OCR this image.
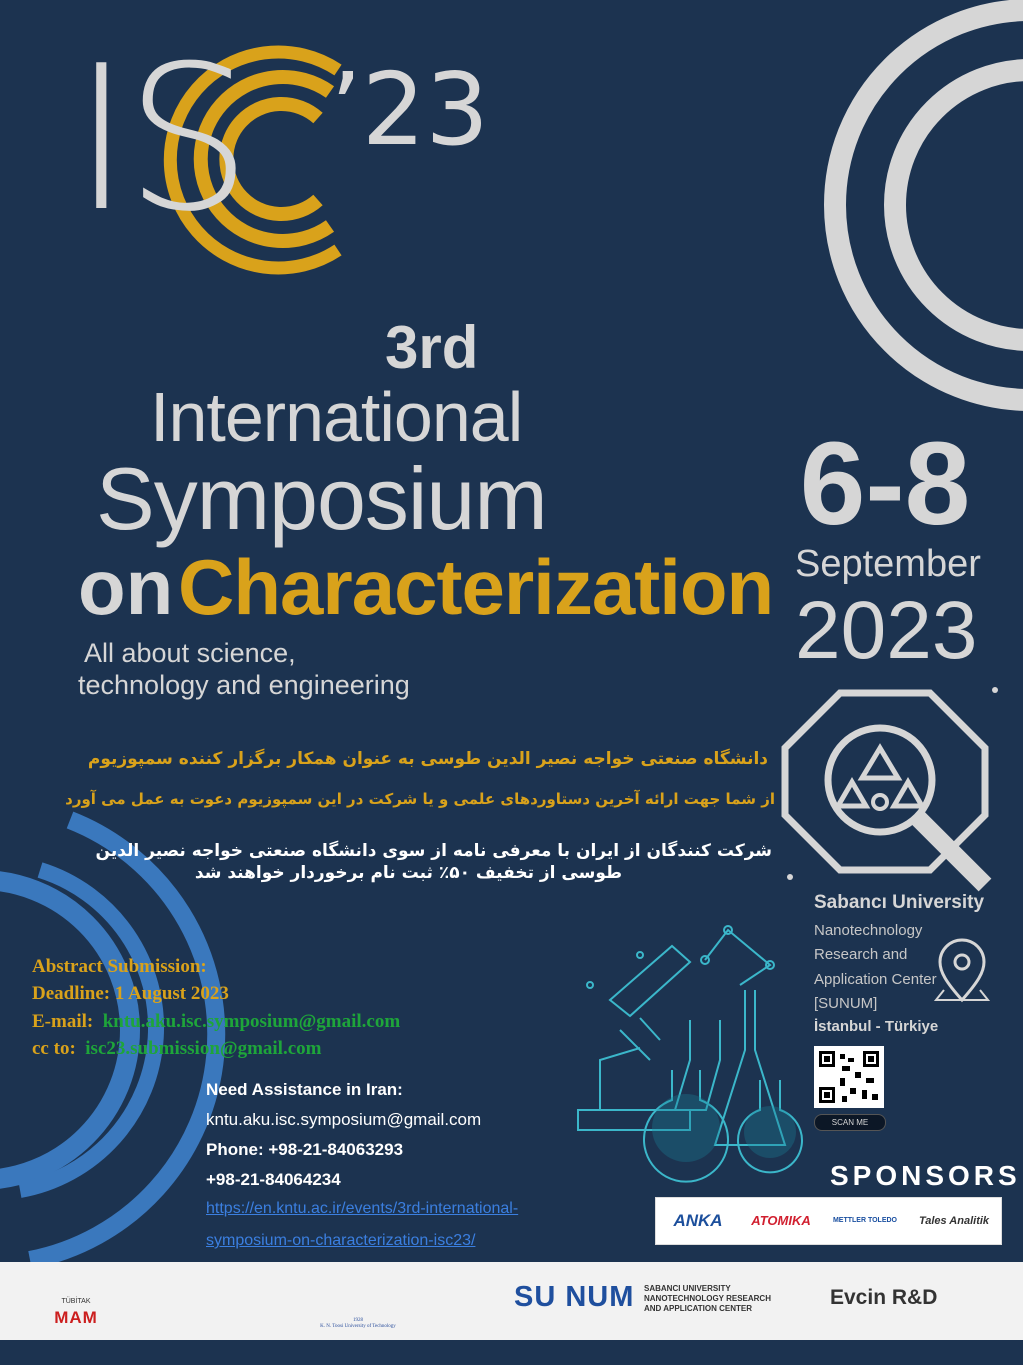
IS ’23
3rd
International
Symposium
on Characterization
All about science,
technology and engineering
6-8
September
2023
دانشگاه صنعتی خواجه نصیر الدین طوسی به عنوان همکار برگزار کننده سمپوزیوم
از شما جهت ارائه آخرین دستاوردهای علمی و یا شرکت در این سمپوزیوم دعوت به عمل می آورد
شرکت کنندگان از ایران با معرفی نامه از سوی دانشگاه صنعتی خواجه نصیر الدین
طوسی از تخفیف ۵۰٪ ثبت نام برخوردار خواهند شد
Sabancı University
Nanotechnology
Research and
Application Center
[SUNUM]
İstanbul - Türkiye
SCAN ME
Abstract Submission:
Deadline: 1 August 2023
E-mail: kntu.aku.isc.symposium@gmail.com
cc to: isc23.submission@gmail.com
Need Assistance in Iran:
kntu.aku.isc.symposium@gmail.com
Phone: +98-21-84063293
+98-21-84064234
https://en.kntu.ac.ir/events/3rd-international-
symposium-on-characterization-isc23/
SPONSORS
ANKA	ATOMIKA	METTLER TOLEDO	Tales Analitik
TÜBİTAK
MAM	1928
K. N. Toosi University of Technology
SU NUM SABANCI UNIVERSITY
NANOTECHNOLOGY RESEARCH
AND APPLICATION CENTER	Evcin R&D
